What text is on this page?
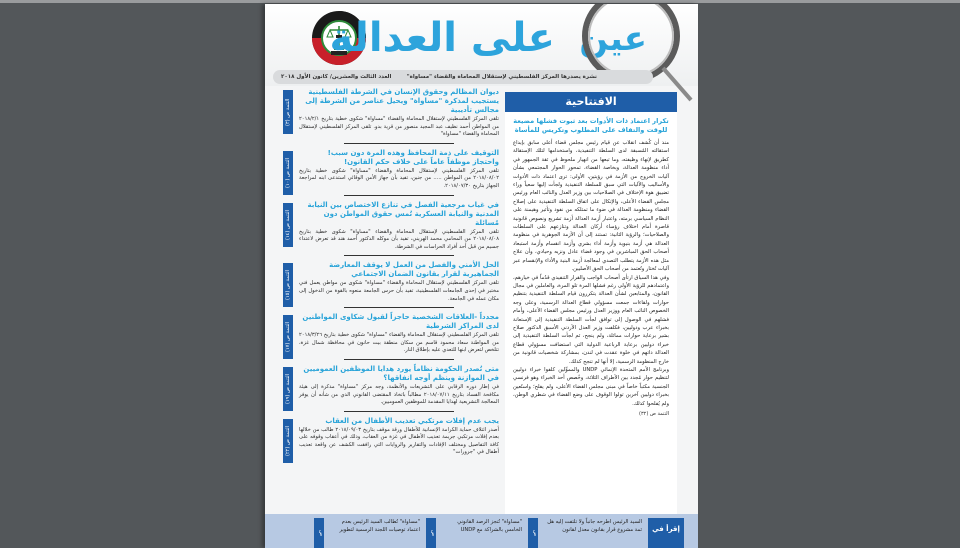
على العدالة عين
نشرة يصدرها المركز الفلسطيني لإستقلال المحاماة والقضاء "مساواة"
العدد الثالث والعشرين/ كانون الأول ٢٠١٨
التتمة ص (٣)
ديوان المظالم وحقوق الإنسان في الشرطة الفلسطينية يستجيب لمذكرة "مساواة" ويحيل عناصر من الشرطة إلى مجالس تأديبية

تلقى المركز الفلسطيني لإستقلال المحاماة والقضاء "مساواة" شكوى خطية بتاريخ ٢٠١٨/٢/١ من المواطن أحمد نظيف عبد المجيد منصور من قرية بدو. تلقى المركز الفلسطيني لإستقلال المحاماة والقضاء "مساواة"

التتمة ص (١٠)
التوقيف على ذمة المحافظ وهذه المرة دون سبب! واحتجاز موظفاً عاماً على خلاف حكم القانون!

تلقى المركز الفلسطيني لإستقلال المحاماة والقضاء "مساواة" شكوى خطية بتاريخ ٢٠١٨/٠٨/٠٢ من المواطن ..... من جنين، تفيد بأن جهاز الأمن الوقائي استدعى ابنه لمراجعة الجهاز بتاريخ ٢٠١٨/٠٧/٣٠.

التتمة ص (١٤)
في غياب مرجعية الفصل في تنازع الاختصاص بين النيابة المدنية والنيابة العسكرية تُمس حقوق المواطن دون مُسائلة

تلقى المركز الفلسطيني لإستقلال المحاماة والقضاء "مساواة" شكوى خطية بتاريخ ٢٠١٨/٠٨/٠٨ من المحامي محمد الهريني، تفيد بأن موكله الدكتور أحمد هند قد تعرض لاعتداء جسيم من قبل أحد أفراد الحراسات في الشرطة.

التتمة ص (١٥)
الحل الأمني والفصل من العمل لا يوقف المعارضة الجماهيرية لقرار بقانون الضمان الاجتماعي

تلقى المركز الفلسطيني لإستقلال المحاماة والقضاء "مساواة" شكوى من مواطن يعمل فني مختبر في إحدى الجامعات الفلسطينية، تفيد بأن حرس الجامعة منعوه بالقوة من الدخول إلى مكان عمله في الجامعة.

التتمة ص (١٧)
مجدداً -العلاقات الشخصية حاجزاً لقبول شكاوى المواطنين لدى المراكز الشرطية

تلقى المركز الفلسطيني لإستقلال المحاماة والقضاء "مساواة" شكوى خطية بتاريخ ٢٠١٨/٣/٢٦ من المواطنة سعاد محمود قاسم من سكان منطقة بيت حانون في محافظة شمال غزة، تتلخص لتعرض ابنها للتعدي عليه بإطلاق النار.

التتمة ص (١٩)
متى تُصدر الحكومة نظاماً يورد هدايا الموظفين العموميين في الموازنة وينظم أوجه انفاقها؟

في إطار دوره الرقابي على التشريعات والأنظمة، وجه مركز "مساواة" مذكرة إلى هيئة مكافحة الفساد بتاريخ ٢٠١٨/٠٧/١١ مطالباً باتخاذ المقتضى القانوني الذي من شأنه أن يوفر المعالجة التشريعية لهدايا المقدمة للموظفين العموميين.

التتمة ص (٢٢)
يجب عدم إفلات مرتكبي تعذيب الأطفال من العقاب

أصدر ائتلاف حماية الكرامة الإنسانية للأطفال ورقة موقف بتاريخ ٢٠١٨/٠٩/٠٣ طالب من خلالها بعدم إفلات مرتكبي جريمة تعذيب الأطفال في غزة من العقاب، وذلك في أعقاب وقوفه على كافة التفاصيل ومختلف الإفادات والتقارير والروايات التي رافقت الكشف عن واقعة تعذيب أطفال في "جرورات"

الافتتاحية
تكرار اعتماد ذات الأدوات بعد ثبوت فشلها مضيعة للوقت والتفاف على المطلوب وتكريس للمأساة

منذ أن كُشف انقلاب عن قيام رئيس مجلس قضاء أعلى سابق بإيداع استقالته المُسبقة لدى السلطة التنفيذية، واستخدامها لتلك الإستقالة كطريق لإنهاء وظيفته، وما تبعها من انهيار ملحوظ في ثقة الجمهور في أداء منظومة العدالة، وبخاصة القضاء، تمحور الحوار المجتمعي بشأن آليات الخروج من الأزمة في رؤيتين، الأولى: ترى اعتماد ذات الأدوات والأساليب والآليات التي سبق للسلطة التنفيذية ولجأت إليها سعياً وراء تضييق هوة الإختلاف في الصلاحيات بين وزير العدل والنائب العام ورئيس مجلس القضاء الأعلى، والإتكال على اتفاق السلطة التنفيذية على إصلاح القضاء ومنظومة العدالة في ضوء ما تمتلكه من نفوذ وتأثير وهيمنة على النظام السياسي برمته، واعتبار أزمة العدالة أزمة تشريع ونصوص قانونية قاصرة أمام اختلاف رؤساء أركان العدالة وتنازعهم على السلطات والصلاحيات؛ والرؤية الثانية: تستند إلى أن الأزمة الجوهرية في منظومة العدالة هي أزمة بنيوية وأزمة أداء بشري وأزمة انقسام وأزمة استبعاد أصحاب الحق المباشرين في وجود قضاء عادل ونزيه وحيادي، وأن علاج مثل هذه الأزمة يتطلب التصدي لمعالجة أزمة البنية والأداء والإنقسام عبر آليات تُختار وتُعتمد من أصحاب الحق الأصليين.

وفي هذا السياق ارتأى أصحاب الواجب والقرار التنفيذي قدُماً في خيارهم، واعتمادهم للرؤية الأولى رغم فشلها المرة تلو المرة، والعاملين في مجال القانون، والمتابعين لشأن العدالة يتكررون قيام السلطة التنفيذية بتنظيم حوارات ولقاءات جمعت مسؤولي قطاع العدالة الرسمية، وعلى وجه الخصوص النائب العام ووزير العدل ورئيس مجلس القضاء الأعلى، وأمام فشلهم في الوصول إلى توافق لجأت السلطة التنفيذية إلى الإستعانة بخبراء عرب ودوليين، فكلفت وزير العدل الأردني الأسبق الدكتور صلاح بشير برعاية حوارات مماثلة، ولم ينجح، ثم لجأت السلطة التنفيذية إلى خبراء دوليين برعاية الرباعية الدولية التي استضافت مسؤولي قطاع العدالة ذاتهم في خلوة عقدت في لندن، بمشاركة شخصيات قانونية من خارج المنظومة الرسمية، إلا أنها لم تنجح كذلك.

وبرنامج الأمم المتحدة الإنمائي UNDP والمموِّلين كلفوا خبراء دوليين لتنظيم حوار مُجدد بين الأطراف الثلاثة، وخُصص أحد الخبراء وهو فرنسي الجنسية مكتباً خاصاً في مبنى مجلس القضاء الأعلى، ولم يفلح؛ واستُعين بخبراء دوليين آخرين تولوا الوقوف على وضع القضاء في شطري الوطن، ولم يُفلحوا كذلك.

التتمة ص (٣٢)
إقرأ في
السيد الرئيس اطرحه جانباً ولا تلتفت إليه هل ثمة مشروع قرار بقانون معدل لقانون
ص
"مساواة" تُنجز الرصد القانوني الخامس بالشراكة مع UNDP
ص
"مساواة" تُطالب السيد الرئيس بعدم اعتماد توصيات اللجنة الرسمية لتطوير
ص
